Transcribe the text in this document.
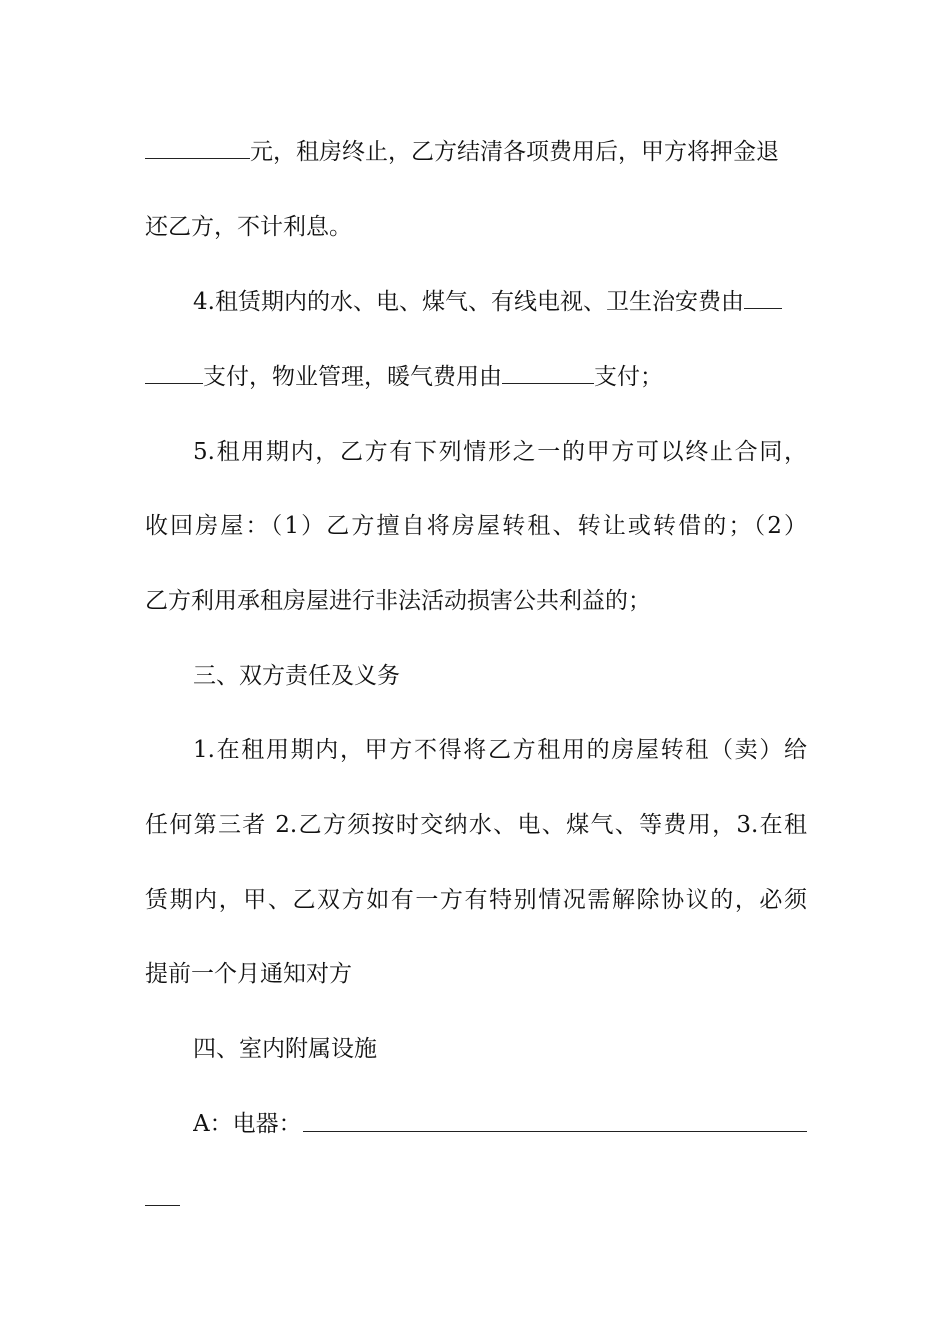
元，租房终止，乙方结清各项费用后，甲方将押金退
还乙方，不计利息。
4.租赁期内的水、电、煤气、有线电视、卫生治安费由
支付，物业管理，暖气费用由	支付；
5.租用期内，乙方有下列情形之一的甲方可以终止合同，
收回房屋：（1）乙方擅自将房屋转租、转让或转借的；（2）
乙方利用承租房屋进行非法活动损害公共利益的；
三、双方责任及义务
1.在租用期内，甲方不得将乙方租用的房屋转租（卖）给
任何第三者 2.乙方须按时交纳水、电、煤气、等费用，3.在租
赁期内，甲、乙双方如有一方有特别情况需解除协议的，必须
提前一个月通知对方
四、室内附属设施
A：电器：
